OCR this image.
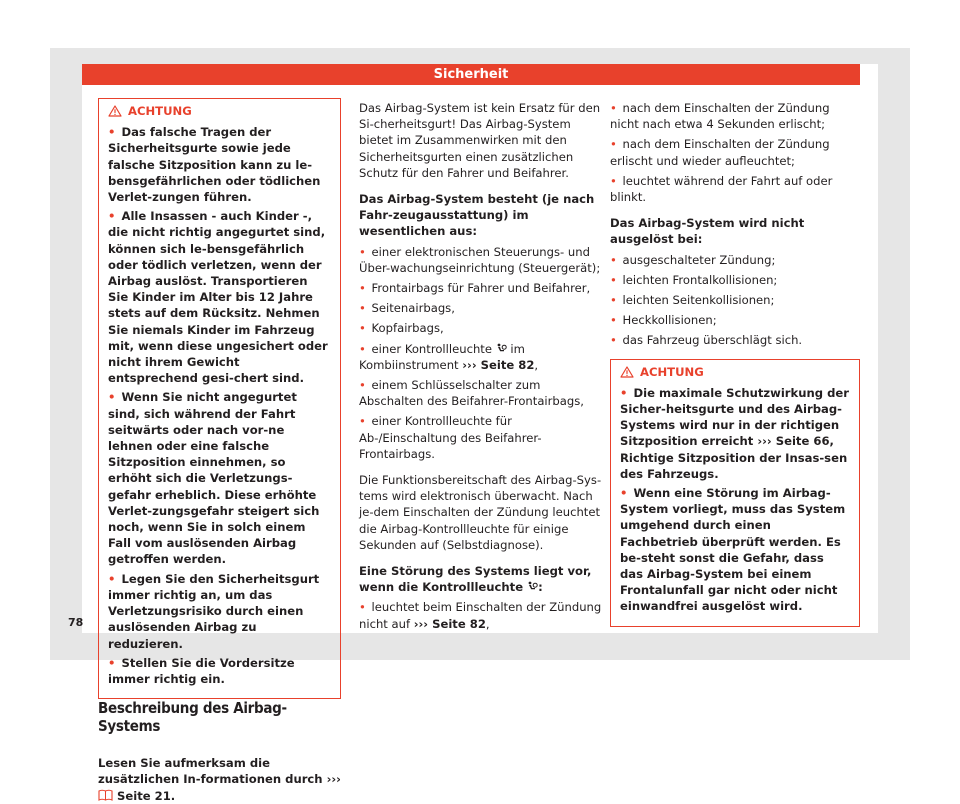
Sicherheit
ACHTUNG

• Das falsche Tragen der Sicherheitsgurte sowie jede falsche Sitzposition kann zu le-bensgefährlichen oder tödlichen Verlet-zungen führen.

• Alle Insassen - auch Kinder -, die nicht richtig angegurtet sind, können sich le-bensgefährlich oder tödlich verletzen, wenn der Airbag auslöst. Transportieren Sie Kinder im Alter bis 12 Jahre stets auf dem Rücksitz. Nehmen Sie niemals Kinder im Fahrzeug mit, wenn diese ungesichert oder nicht ihrem Gewicht entsprechend gesi-chert sind.

• Wenn Sie nicht angegurtet sind, sich während der Fahrt seitwärts oder nach vor-ne lehnen oder eine falsche Sitzposition einnehmen, so erhöht sich die Verletzungs-gefahr erheblich. Diese erhöhte Verlet-zungsgefahr steigert sich noch, wenn Sie in solch einem Fall vom auslösenden Airbag getroffen werden.

• Legen Sie den Sicherheitsgurt immer richtig an, um das Verletzungsrisiko durch einen auslösenden Airbag zu reduzieren.

• Stellen Sie die Vordersitze immer richtig ein.

Beschreibung des Airbag-Systems

Lesen Sie aufmerksam die zusätzlichen In-formationen durch ›››  Seite 21.

Das Airbag-System ist kein Ersatz für den Si-cherheitsgurt! Das Airbag-System bietet im Zusammenwirken mit den Sicherheitsgurten einen zusätzlichen Schutz für den Fahrer und Beifahrer.

Das Airbag-System besteht (je nach Fahr-zeugausstattung) im wesentlichen aus:

• einer elektronischen Steuerungs- und Über-wachungseinrichtung (Steuergerät);

• Frontairbags für Fahrer und Beifahrer,

• Seitenairbags,

• Kopfairbags,

• einer Kontrollleuchte im Kombiinstrument ››› Seite 82,

• einem Schlüsselschalter zum Abschalten des Beifahrer-Frontairbags,

• einer Kontrollleuchte für Ab-/Einschaltung des Beifahrer-Frontairbags.

Die Funktionsbereitschaft des Airbag-Sys-tems wird elektronisch überwacht. Nach je-dem Einschalten der Zündung leuchtet die Airbag-Kontrollleuchte für einige Sekunden auf (Selbstdiagnose).

Eine Störung des Systems liegt vor, wenn die Kontrollleuchte :

• leuchtet beim Einschalten der Zündung nicht auf ››› Seite 82,

• nach dem Einschalten der Zündung nicht nach etwa 4 Sekunden erlischt;

• nach dem Einschalten der Zündung erlischt und wieder aufleuchtet;

• leuchtet während der Fahrt auf oder blinkt.

Das Airbag-System wird nicht ausgelöst bei:

• ausgeschalteter Zündung;

• leichten Frontalkollisionen;

• leichten Seitenkollisionen;

• Heckkollisionen;

• das Fahrzeug überschlägt sich.

ACHTUNG

• Die maximale Schutzwirkung der Sicher-heitsgurte und des Airbag-Systems wird nur in der richtigen Sitzposition erreicht ››› Seite 66, Richtige Sitzposition der Insas-sen des Fahrzeugs.

• Wenn eine Störung im Airbag-System vorliegt, muss das System umgehend durch einen Fachbetrieb überprüft werden. Es be-steht sonst die Gefahr, dass das Airbag-System bei einem Frontalunfall gar nicht oder nicht einwandfrei ausgelöst wird.

78
